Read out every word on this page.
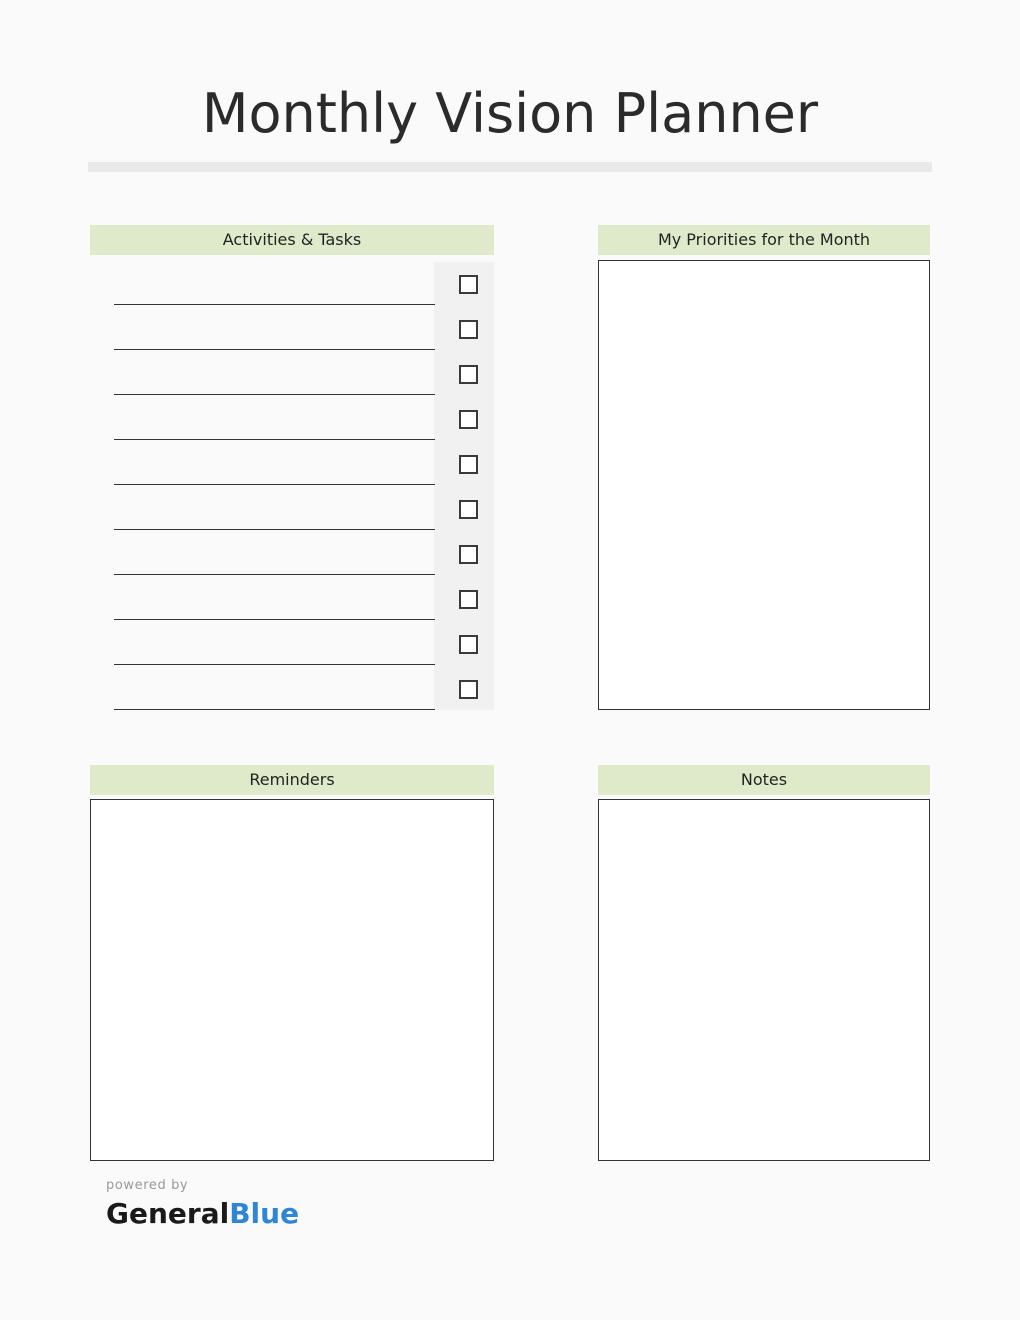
Monthly Vision Planner
Activities & Tasks	My Priorities for the Month
Reminders	Notes
powered by
GeneralBlue
